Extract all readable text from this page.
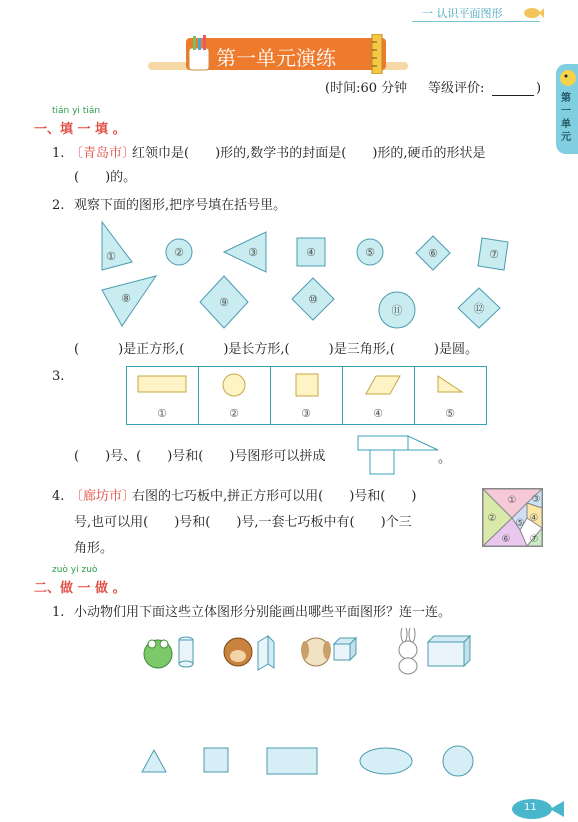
一 认识平面图形
第一单元
第一单元演练
(时间:60 分钟 等级评价:	)
tián yi tián
一、填 一 填 。
1. 〔青岛市〕
红领巾是(　　)形的,数学书的封面是(　　)形的,硬币的形状是
(　　)的。
2. 观察下面的图形,把序号填在括号里。
①	②	③	④	⑤	⑥	⑦
⑧	⑨	⑩
⑪	⑫
(　　　)是正方形,(　　　)是长方形,(　　　)是三角形,(　　　)是圆。
3.
①	②	③	④	⑤
(　　)号、(　　)号和(　　)号图形可以拼成	。
4. 〔廊坊市〕
右图的七巧板中,拼正方形可以用(　　)号和(　　)
号,也可以用(　　)号和(　　)号,一套七巧板中有(　　)个三
角形。
①
②
③
④
⑤
⑥ ⑦
zuò yi zuò
二、做 一 做 。
1. 小动物们用下面这些立体图形分别能画出哪些平面图形？连一连。
11
